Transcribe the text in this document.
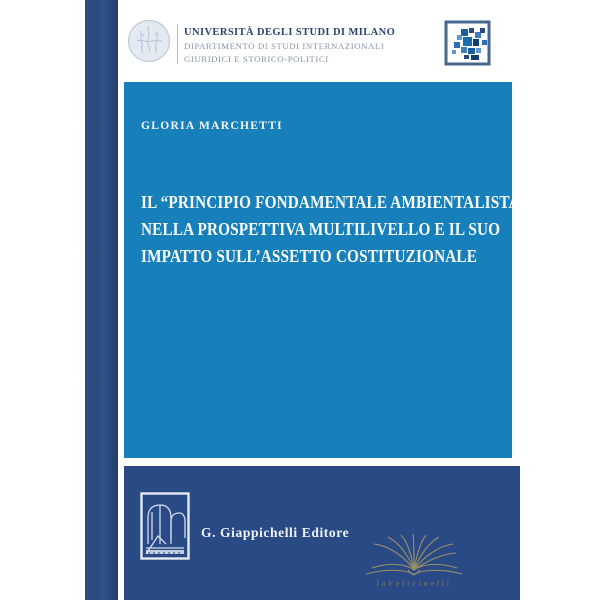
UNIVERSITÀ DEGLI STUDI DI MILANO
DIPARTIMENTO DI STUDI INTERNAZIONALI
GIURIDICI E STORICO-POLITICI
GLORIA MARCHETTI
IL “PRINCIPIO FONDAMENTALE AMBIENTALISTA”
NELLA PROSPETTIVA MULTILIVELLO E IL SUO
IMPATTO SULL’ASSETTO COSTITUZIONALE
G. Giappichelli Editore
laFeltrinelli
